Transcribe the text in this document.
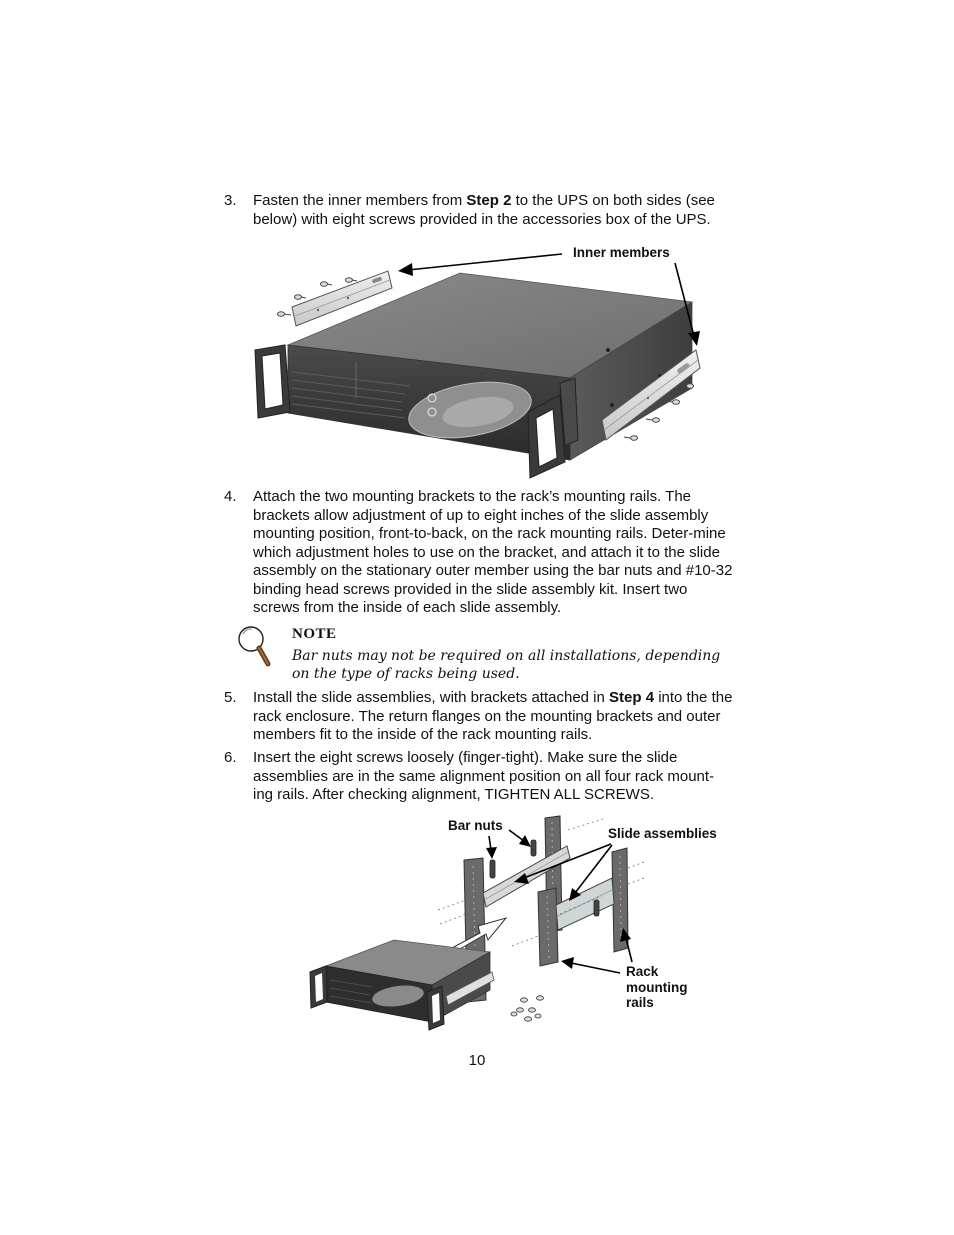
3. Fasten the inner members from Step 2 to the UPS on both sides (see below) with eight screws provided in the accessories box of the UPS.
Inner members
4. Attach the two mounting brackets to the rack’s mounting rails. The brackets allow adjustment of up to eight inches of the slide assembly mounting position, front-to-back, on the rack mounting rails. Deter-mine which adjustment holes to use on the bracket, and attach it to the slide assembly on the stationary outer member using the bar nuts and #10-32 binding head screws provided in the slide assembly kit. Insert two screws from the inside of each slide assembly.
NOTE
Bar nuts may not be required on all installations, depending on the type of racks being used.
5. Install the slide assemblies, with brackets attached in Step 4 into the the rack enclosure. The return flanges on the mounting brackets and outer members fit to the inside of the rack mounting rails.
6. Insert the eight screws loosely (finger-tight). Make sure the slide assemblies are in the same alignment position on all four rack mount-ing rails. After checking alignment, TIGHTEN ALL SCREWS.
Bar nuts
Slide assemblies
Rack
mounting
rails
10
